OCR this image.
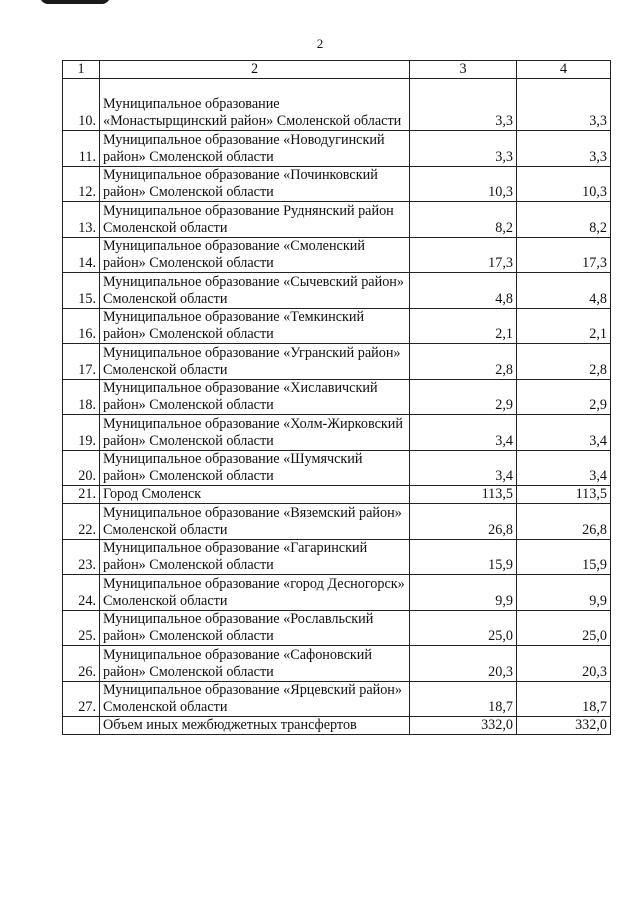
2
1	2	3	4
10.	Муниципальное образование «Монастырщинский район» Смоленской области	3,3	3,3
11.	Муниципальное образование «Новодугинский район» Смоленской области	3,3	3,3
12.	Муниципальное образование «Починковский район» Смоленской области	10,3	10,3
13.	Муниципальное образование Руднянский район Смоленской области	8,2	8,2
14.	Муниципальное образование «Смоленский район» Смоленской области	17,3	17,3
15.	Муниципальное образование «Сычевский район» Смоленской области	4,8	4,8
16.	Муниципальное образование «Темкинский район» Смоленской области	2,1	2,1
17.	Муниципальное образование «Угранский район» Смоленской области	2,8	2,8
18.	Муниципальное образование «Хиславичский район» Смоленской области	2,9	2,9
19.	Муниципальное образование «Холм-Жирковский район» Смоленской области	3,4	3,4
20.	Муниципальное образование «Шумячский район» Смоленской области	3,4	3,4
21.	Город Смоленск	113,5	113,5
22.	Муниципальное образование «Вяземский район» Смоленской области	26,8	26,8
23.	Муниципальное образование «Гагаринский район» Смоленской области	15,9	15,9
24.	Муниципальное образование «город Десногорск» Смоленской области	9,9	9,9
25.	Муниципальное образование «Рославльский район» Смоленской области	25,0	25,0
26.	Муниципальное образование «Сафоновский район» Смоленской области	20,3	20,3
27.	Муниципальное образование «Ярцевский район» Смоленской области	18,7	18,7
	Объем иных межбюджетных трансфертов	332,0	332,0
